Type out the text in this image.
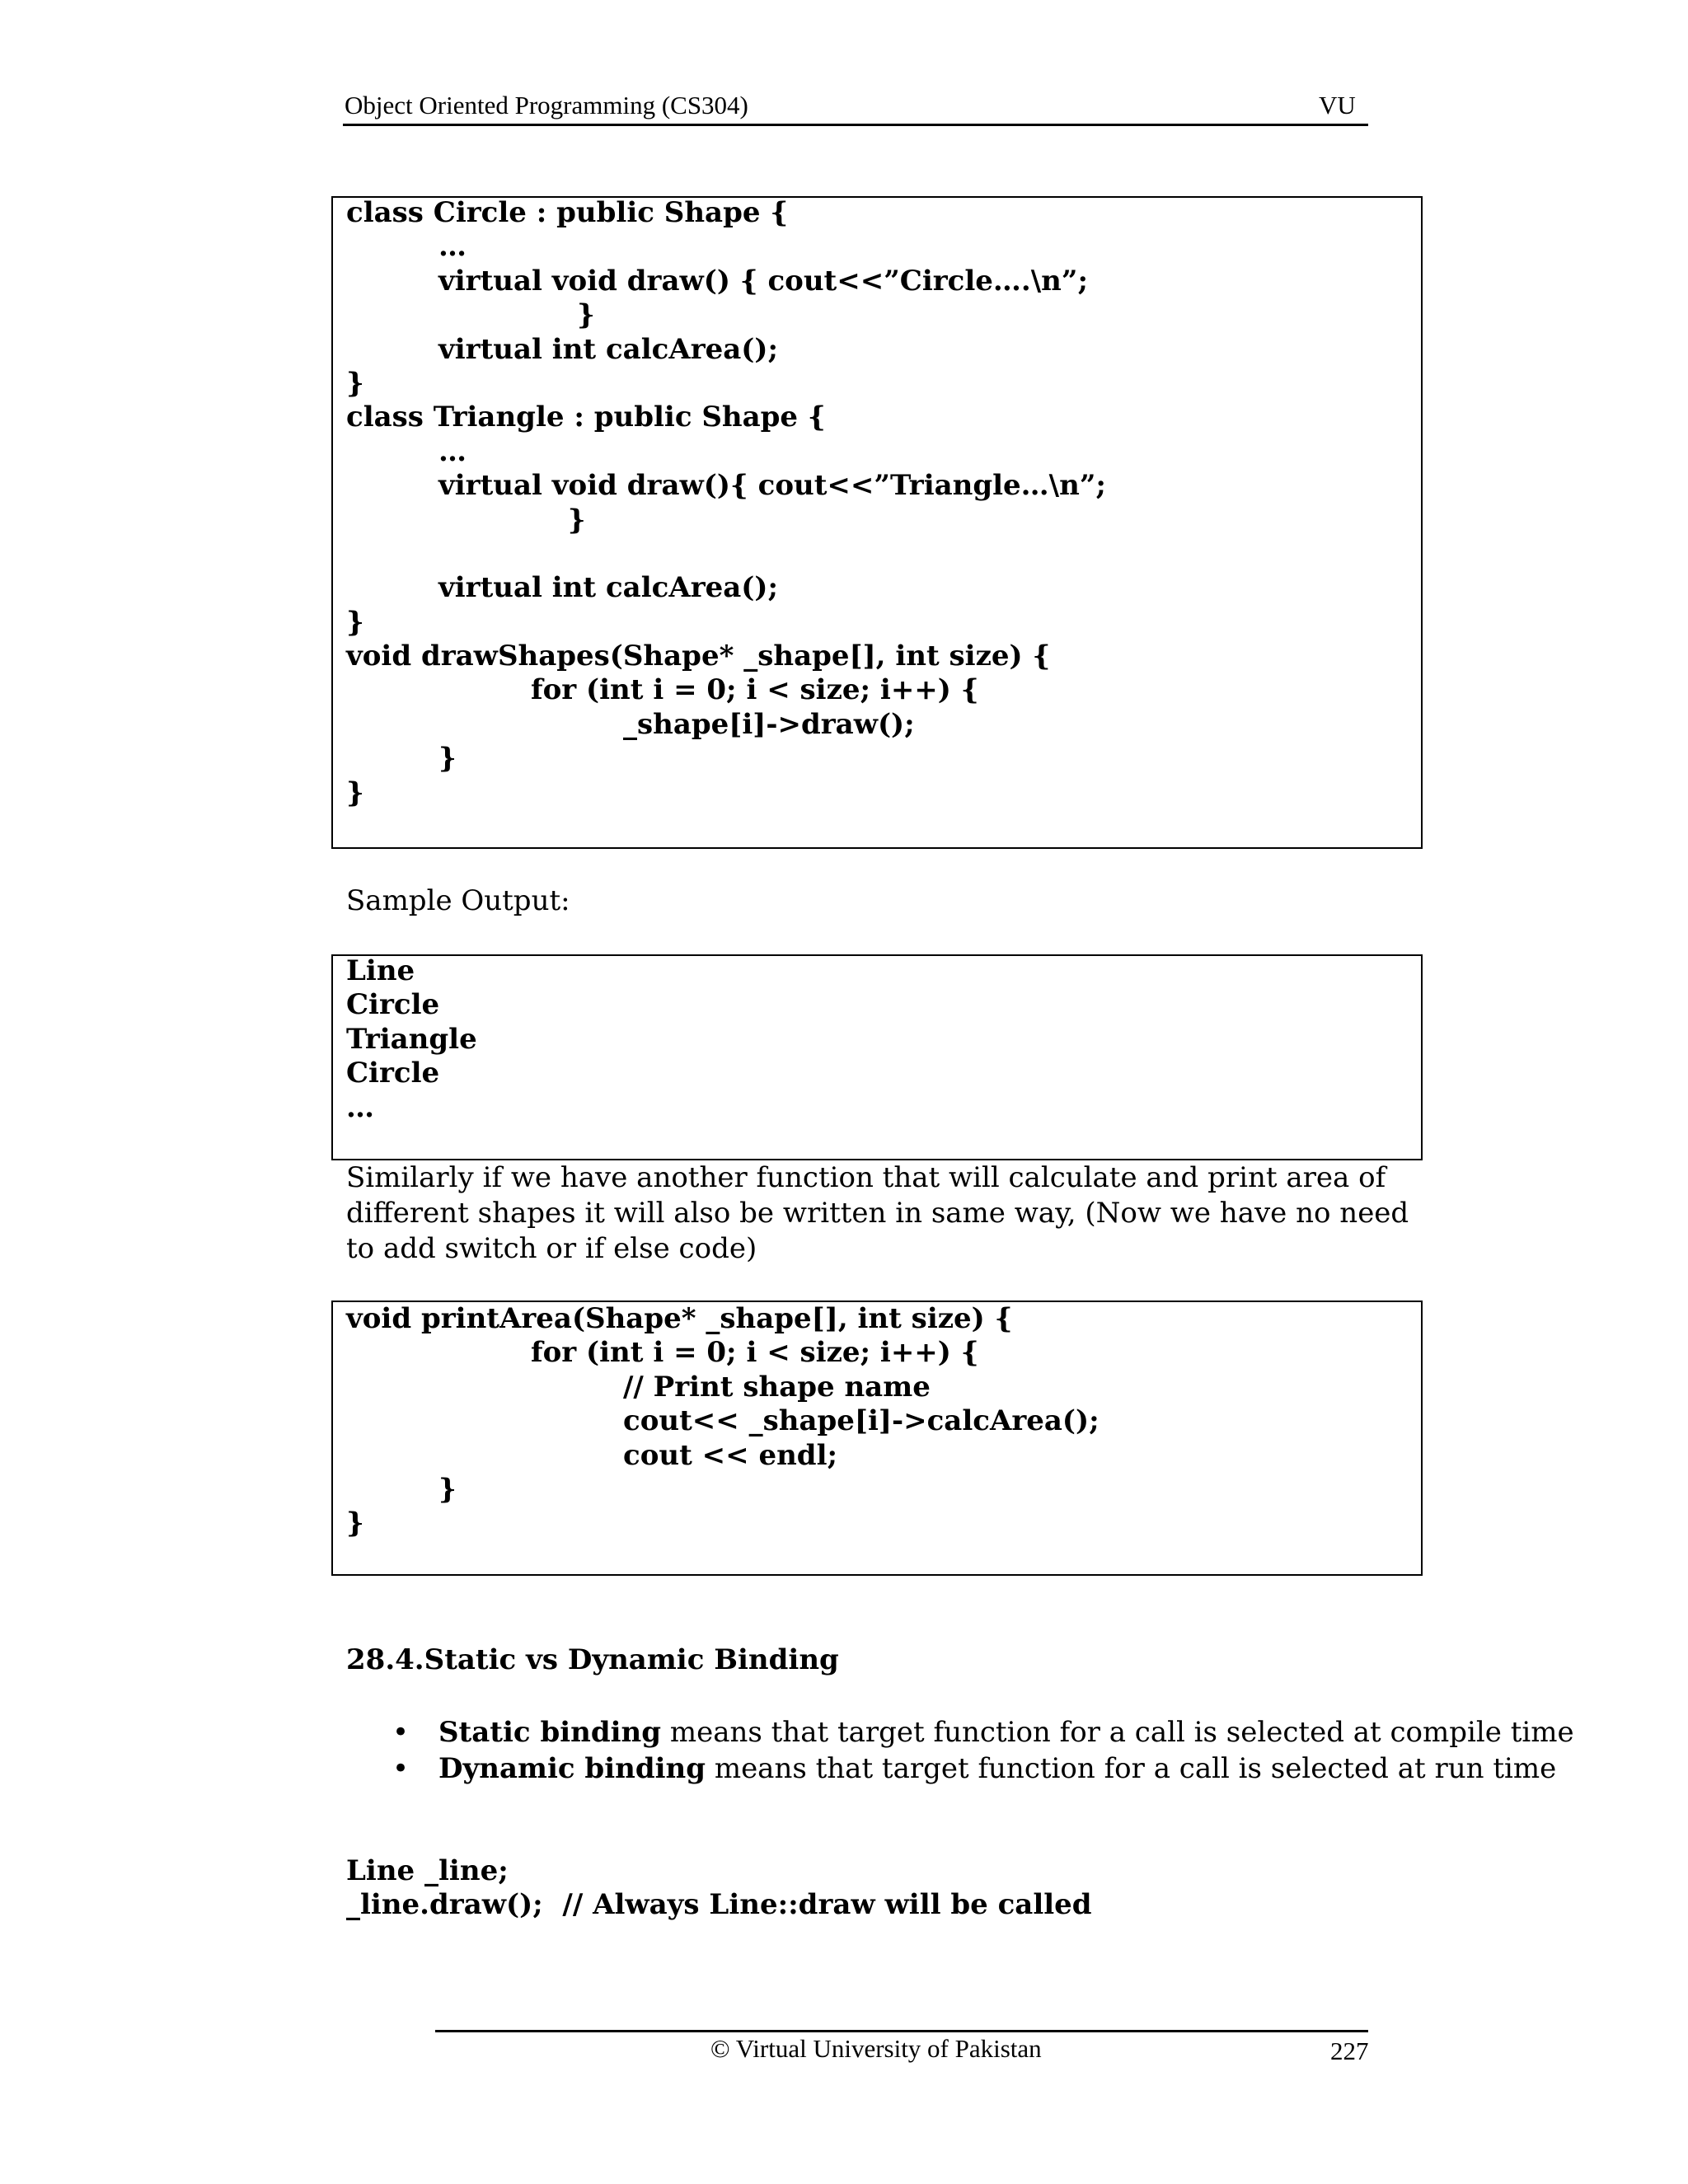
Object Oriented Programming (CS304)	VU
class Circle : public Shape {
…
virtual void draw() { cout<<”Circle….\n”;
}
virtual int calcArea();
}
class Triangle : public Shape {
…
virtual void draw(){ cout<<”Triangle…\n”;
}
virtual int calcArea();
}
void drawShapes(Shape* _shape[], int size) {
for (int i = 0; i < size; i++) {
_shape[i]->draw();
}
}
Sample Output:
Line
Circle
Triangle
Circle
…
Similarly if we have another function that will calculate and print area of different shapes it will also be written in same way, (Now we have no need to add switch or if else code)
void printArea(Shape* _shape[], int size) {
for (int i = 0; i < size; i++) {
// Print shape name
cout<< _shape[i]->calcArea();
cout << endl;
}
}
28.4.Static vs Dynamic Binding
• Static binding means that target function for a call is selected at compile time
• Dynamic binding means that target function for a call is selected at run time
Line _line;
_line.draw();  // Always Line::draw will be called
© Virtual University of Pakistan	227
